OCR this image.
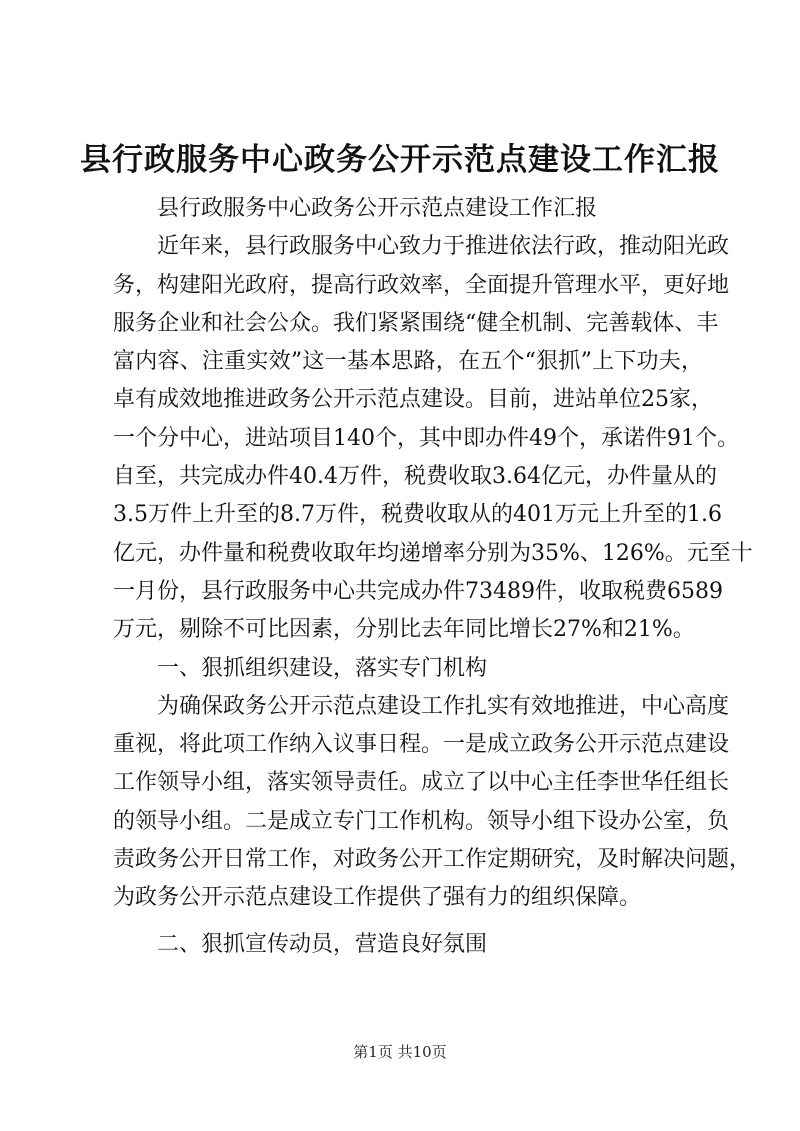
县行政服务中心政务公开示范点建设工作汇报

县行政服务中心政务公开示范点建设工作汇报

近年来，县行政服务中心致力于推进依法行政，推动阳光政
务，构建阳光政府，提高行政效率，全面提升管理水平，更好地
服务企业和社会公众。我们紧紧围绕“健全机制、完善载体、丰
富内容、注重实效”这一基本思路，在五个“狠抓”上下功夫，
卓有成效地推进政务公开示范点建设。目前，进站单位25家，
一个分中心，进站项目140个，其中即办件49个，承诺件91个。
自至，共完成办件40.4万件，税费收取3.64亿元，办件量从的
3.5万件上升至的8.7万件，税费收取从的401万元上升至的1.6
亿元，办件量和税费收取年均递增率分别为35%、126%。元至十
一月份，县行政服务中心共完成办件73489件，收取税费6589
万元，剔除不可比因素，分别比去年同比增长27%和21%。

一、狠抓组织建设，落实专门机构

为确保政务公开示范点建设工作扎实有效地推进，中心高度
重视，将此项工作纳入议事日程。一是成立政务公开示范点建设
工作领导小组，落实领导责任。成立了以中心主任李世华任组长
的领导小组。二是成立专门工作机构。领导小组下设办公室，负
责政务公开日常工作，对政务公开工作定期研究，及时解决问题，
为政务公开示范点建设工作提供了强有力的组织保障。

二、狠抓宣传动员，营造良好氛围

第1页 共10页
